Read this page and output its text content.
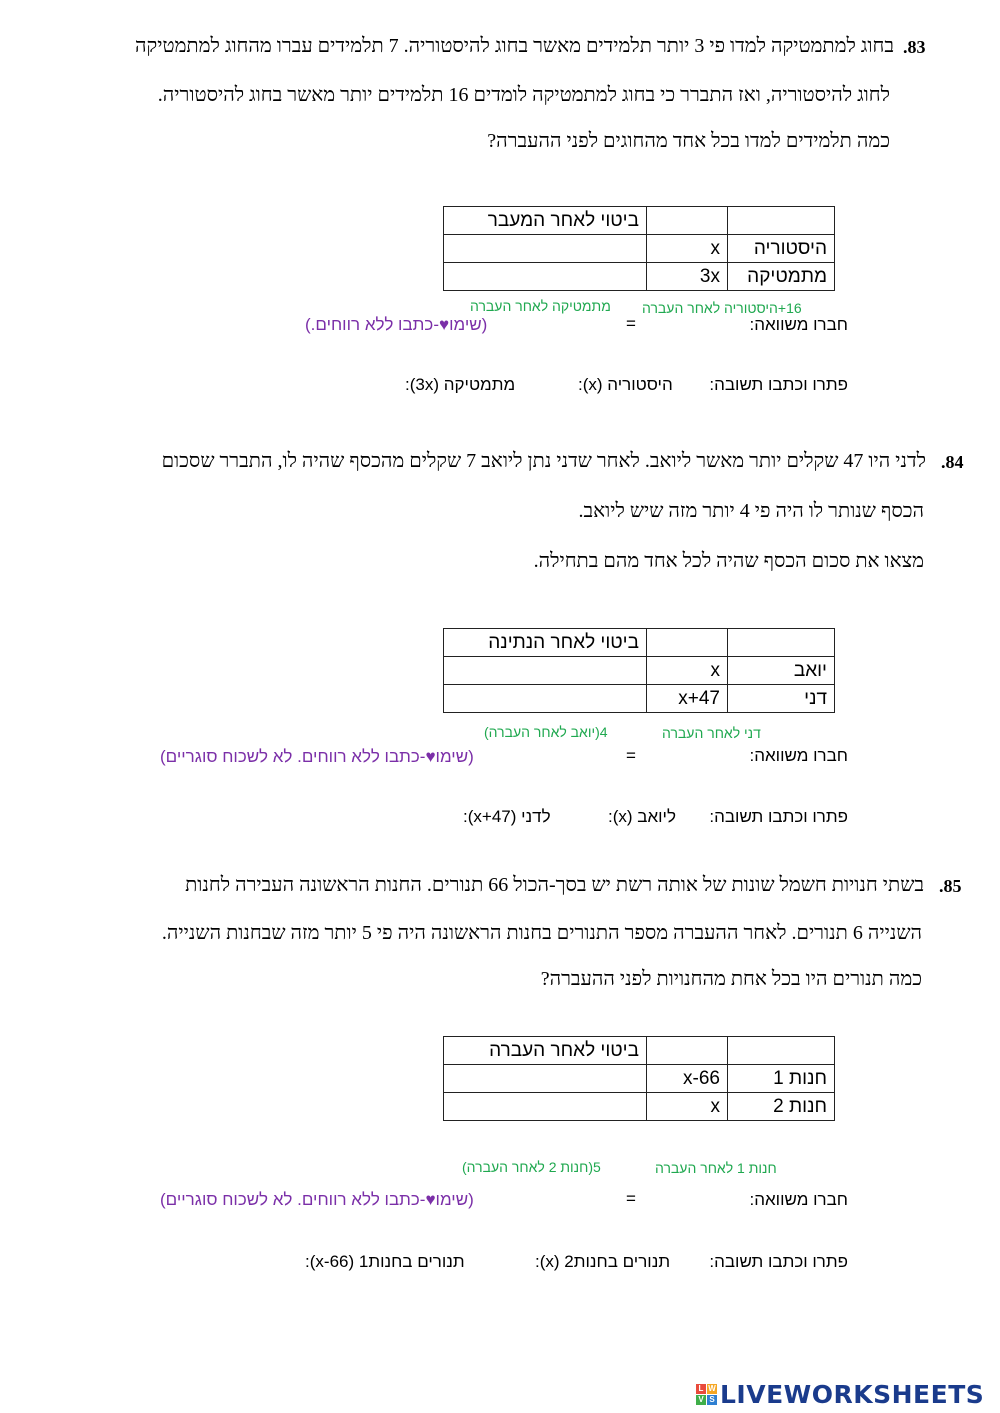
.83
בחוג למתמטיקה למדו פי 3 יותר תלמידים מאשר בחוג להיסטוריה. 7 תלמידים עברו מהחוג למתמטיקה
לחוג להיסטוריה, ואז התברר כי בחוג למתמטיקה לומדים 16 תלמידים יותר מאשר בחוג להיסטוריה.
כמה תלמידים למדו בכל אחד מהחוגים לפני ההעברה?
		ביטוי לאחר המעבר
היסטוריה	x	
מתמטיקה	3x	
מתמטיקה לאחר העברה 16+היסטוריה לאחר העברה
חברו משוואה:
=
(שימו♥-כתבו ללא רווחים.)
פתרו וכתבו תשובה:
היסטוריה (x):
מתמטיקה (3x):
.84
לדני היו 47 שקלים יותר מאשר ליואב. לאחר שדני נתן ליואב 7 שקלים מהכסף שהיה לו, התברר שסכום
הכסף שנותר לו היה פי 4 יותר מזה שיש ליואב.
מצאו את סכום הכסף שהיה לכל אחד מהם בתחילה.
		ביטוי לאחר הנתינה
יואב	x	
דני	x+47	
4(יואב לאחר העברה)	דני לאחר העברה
חברו משוואה:
=
(שימו♥-כתבו ללא רווחים. לא לשכוח סוגריים)
פתרו וכתבו תשובה:
ליואב (x):
לדני (x+47):
.85
בשתי חנויות חשמל שונות של אותה רשת יש בסך-הכול 66 תנורים. החנות הראשונה העבירה לחנות
השנייה 6 תנורים. לאחר ההעברה מספר התנורים בחנות הראשונה היה פי 5 יותר מזה שבחנות השנייה.
כמה תנורים היו בכל אחת מהחנויות לפני ההעברה?
		ביטוי לאחר העברה
חנות 1	66-x	
חנות 2	x	
5(חנות 2 לאחר העברה)	חנות 1 לאחר העברה
חברו משוואה:
=
(שימו♥-כתבו ללא רווחים. לא לשכוח סוגריים)
פתרו וכתבו תשובה:
תנורים בחנות2 (x):
תנורים בחנות1 (66-x):
L W
V S LIVEWORKSHEETS
